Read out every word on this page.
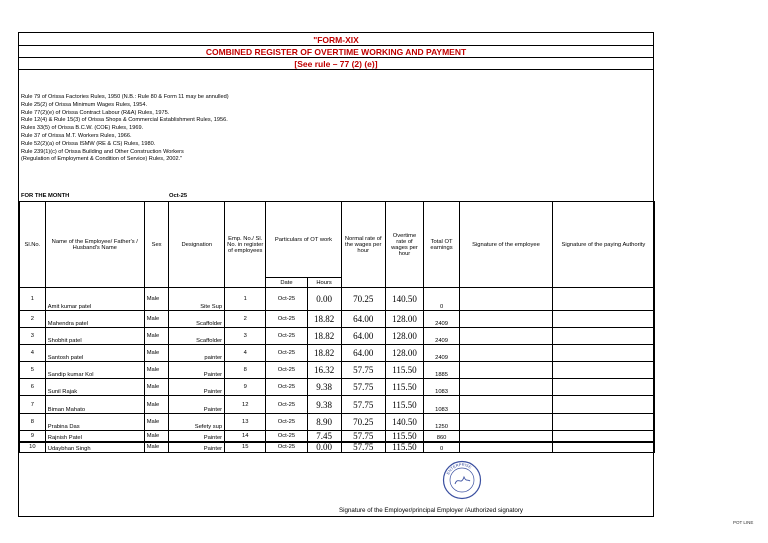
"FORM-XIX
COMBINED REGISTER OF OVERTIME WORKING AND PAYMENT
[See rule – 77 (2) (e)]
Rule 79 of Orissa Factories Rules, 1950 (N.B.: Rule 80 & Form 11 may be annulled)
Rule 25(2) of Orissa Minimum Wages Rules, 1954.
Rule 77(2)(e) of Orissa Contract Labour (R&A) Rules, 1975.
Rule 12(4) & Rule 15(3) of Orissa Shops & Commercial Establishment Rules, 1956.
Rules 33(5) of Orissa B.C.W. (COE) Rules, 1969.
Rule 37 of Orissa M.T. Workers Rules, 1966.
Rule 52(2)(a) of Orissa ISMW (RE & CS) Rules, 1980.
Rule 239(1)(c) of Orissa Building and Other Construction Workers
(Regulation of Employment & Condition of Service) Rules, 2002."
FOR THE MONTH	Oct-25
Sl.No.	Name of the Employee/ Father's / Husband's Name	Sex	Designation	Emp. No./ Sl. No. in register of employees	Particulars of OT work		Normal rate of the wages per hour	Overtime rate of wages per hour	Total OT earnings	Signature of the employee	Signature of the paying Authority
					Date	Hours					
1	Amit kumar patel	Male	Site Sup	1	Oct-25	0.00	70.25	140.50	0		
2	Mahendra patel	Male	Scaffolder	2	Oct-25	18.82	64.00	128.00	2409		
3	Shobhit patel	Male	Scaffolder	3	Oct-25	18.82	64.00	128.00	2409		
4	Santosh patel	Male	painter	4	Oct-25	18.82	64.00	128.00	2409		
5	Sandip kumar Kol	Male	Painter	8	Oct-25	16.32	57.75	115.50	1885		
6	Sunil Rajak	Male	Painter	9	Oct-25	9.38	57.75	115.50	1083		
7	Biman Mahato	Male	Painter	12	Oct-25	9.38	57.75	115.50	1083		
8	Prabina Das	Male	Sefety sup	13	Oct-25	8.90	70.25	140.50	1250		
9	Rajnish Patel	Male	Painter	14	Oct-25	7.45	57.75	115.50	860		
10	Udaybhan Singh	Male	Painter	15	Oct-25	0.00	57.75	115.50	0		
ENTERPRISE
Signature of the Employer/principal Employer /Authorized signatory
POT LINE
